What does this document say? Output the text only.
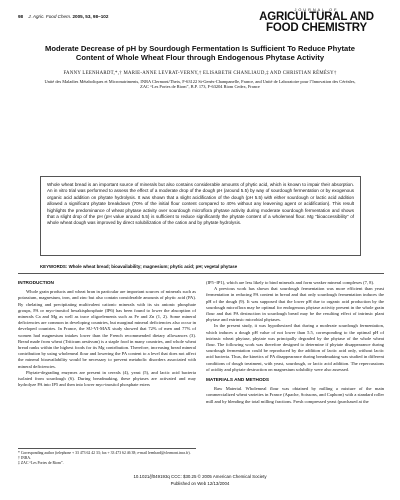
98 J. Agric. Food Chem. 2005, 53, 98−102
JOURNAL OF
AGRICULTURAL AND
FOOD CHEMISTRY
Moderate Decrease of pH by Sourdough Fermentation Is Sufficient To Reduce Phytate Content of Whole Wheat Flour through Endogenous Phytase Activity
FANNY LEENHARDT,*,† MARIE-ANNE LEVRAT-VERNY,† ELISABETH CHANLIAUD,‡ AND CHRISTIAN RÉMÉSY†
Unité des Maladies Métaboliques et Micronutriments, INRA Clermont/Theix, F-63122 St-Genès-Champanelle, France, and Unité de Laboratoire pour l’Innovation des Céréales, ZAC “Les Portes de Riom”, B.P. 173, F-63204 Riom Cedex, France
Whole wheat bread is an important source of minerals but also contains considerable amounts of phytic acid, which is known to impair their absorption. An in vitro trial was performed to assess the effect of a moderate drop of the dough pH (around 5.5) by way of sourdough fermentation or by exogenous organic acid addition on phytate hydrolysis. It was shown that a slight acidification of the dough (pH 5.5) with either sourdough or lactic acid addition allowed a significant phytate breakdown (70% of the initial flour content compared to 40% without any leavening agent or acidification). This result highlights the predominance of wheat phytase activity over sourdough microflora phytase activity during moderate sourdough fermentation and shows that a slight drop of the pH (pH value around 5.5) is sufficient to reduce significantly the phytate content of a wholemeal flour. Mg “bioaccessibility” of whole wheat dough was improved by direct solubilization of the cation and by phytate hydrolysis.
KEYWORDS: Whole wheat bread; bioavailability; magnesium; phytic acid; pH; vegetal phytase
INTRODUCTION

Whole grain products and wheat bran in particular are important sources of minerals such as potassium, magnesium, iron, and zinc but also contain considerable amounts of phytic acid (PA). By chelating and precipitating multivalent cationic minerals with its six anionic phosphate groups, PA or myo-inositol hexakisphosphate (IP6) has been found to lower the absorption of minerals Ca and Mg as well as trace oligoelements such as Fe and Zn (1, 2). Some mineral deficiencies are common in developing countries, but marginal mineral deficiencies also occur in developed countries. In France, the SU-VI-MAX study showed that 72% of men and 77% of women had magnesium intakes lower than the French recommended dietary allowances (3). Bread made from wheat (Triticum aestivum) is a staple food in many countries, and whole wheat bread ranks within the highest foods for its Mg contribution. Therefore, increasing bread mineral contribution by using wholemeal flour and lowering the PA content to a level that does not affect the mineral bioavailability would be necessary to prevent metabolic disorders associated with mineral deficiencies.

Phytate-degrading enzymes are present in cereals (4), yeast (5), and lactic acid bacteria isolated from sourdough (6). During breadmaking, these phytases are activated and may hydrolyze PA into IP5 and then into lower myo-inositol phosphate esters

(IP5−IP1), which are less likely to bind minerals and form weaker mineral complexes (7, 8).

A previous work has shown that sourdough fermentation was more efficient than yeast fermentation in reducing PA content in bread and that only sourdough fermentation induces the pH of the dough (9). It was supposed that the lower pH due to organic acid production by the sourdough microflora may be optimal for endogenous phytase activity present in the whole grain flour and that PA destruction in sourdough bread may be the resulting effect of intrinsic plant phytase and extrinsic microbial phytases.

In the present study, it was hypothesized that during a moderate sourdough fermentation, which induces a dough pH value of not lower than 5.5, corresponding to the optimal pH of intrinsic wheat phytase, phytate was principally degraded by the phytase of the whole wheat flour. The following work was therefore designed to determine if phytate disappearance during sourdough fermentation could be reproduced by the addition of lactic acid only, without lactic acid bacteria. Thus, the kinetics of PA disappearance during breadmaking was studied in different conditions of dough treatment, with yeast, sourdough, or lactic acid addition. The repercussions of acidity and phytate destruction on magnesium solubility were also assessed.

MATERIALS AND METHODS

Raw Material. Wholemeal flour was obtained by milling a mixture of the main commercialized wheat varieties in France (Apache, Soissons, and Caphorn) with a standard roller mill and by blending the total milling fractions. Fresh compressed yeast (purchased at the

* Corresponding author (telephone + 33 473 62 42 33; fax + 33 473 62 46 38; e-mail leenhard@clermont.inra.fr).
† INRA.
‡ ZAC “Les Portes de Riom”.
10.1021/jf049193q CCC: $30.25 © 2005 American Chemical Society
Published on Web 12/13/2004
